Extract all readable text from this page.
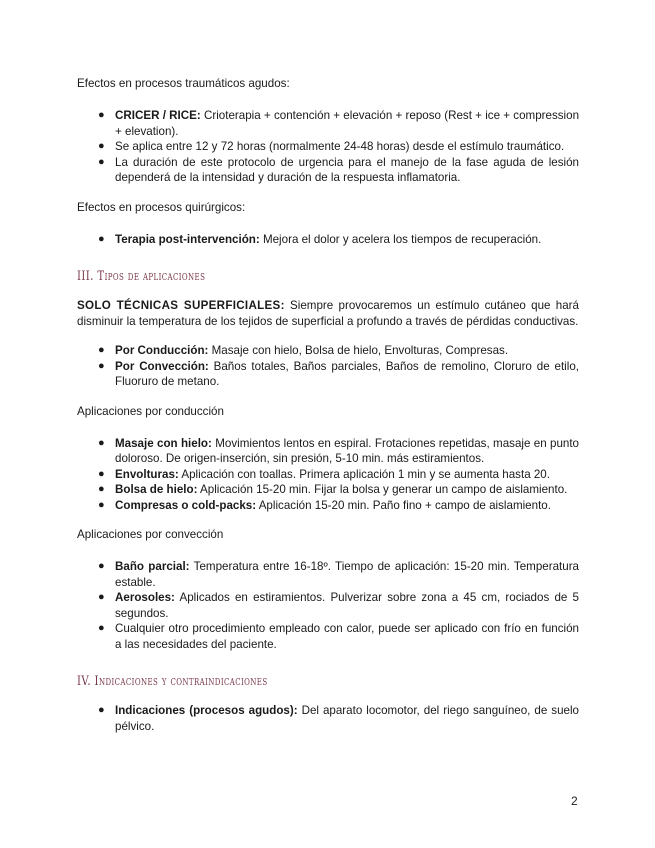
Efectos en procesos traumáticos agudos:

● CRICER / RICE: Crioterapia + contención + elevación + reposo (Rest + ice + compression + elevation).
● Se aplica entre 12 y 72 horas (normalmente 24-48 horas) desde el estímulo traumático.
● La duración de este protocolo de urgencia para el manejo de la fase aguda de lesión dependerá de la intensidad y duración de la respuesta inflamatoria.

Efectos en procesos quirúrgicos:

● Terapia post-intervención: Mejora el dolor y acelera los tiempos de recuperación.
III. Tipos de aplicaciones

SOLO TÉCNICAS SUPERFICIALES: Siempre provocaremos un estímulo cutáneo que hará disminuir la temperatura de los tejidos de superficial a profundo a través de pérdidas conductivas.

● Por Conducción: Masaje con hielo, Bolsa de hielo, Envolturas, Compresas.
● Por Convección: Baños totales, Baños parciales, Baños de remolino, Cloruro de etilo, Fluoruro de metano.

Aplicaciones por conducción

● Masaje con hielo: Movimientos lentos en espiral. Frotaciones repetidas, masaje en punto doloroso. De origen-inserción, sin presión, 5-10 min. más estiramientos.
● Envolturas: Aplicación con toallas. Primera aplicación 1 min y se aumenta hasta 20.
● Bolsa de hielo: Aplicación 15-20 min. Fijar la bolsa y generar un campo de aislamiento.
● Compresas o cold-packs: Aplicación 15-20 min. Paño fino + campo de aislamiento.

Aplicaciones por convección

● Baño parcial: Temperatura entre 16-18º. Tiempo de aplicación: 15-20 min. Temperatura estable.
● Aerosoles: Aplicados en estiramientos. Pulverizar sobre zona a 45 cm, rociados de 5 segundos.
● Cualquier otro procedimiento empleado con calor, puede ser aplicado con frío en función a las necesidades del paciente.
IV. Indicaciones y contraindicaciones
● Indicaciones (procesos agudos): Del aparato locomotor, del riego sanguíneo, de suelo pélvico.
2
